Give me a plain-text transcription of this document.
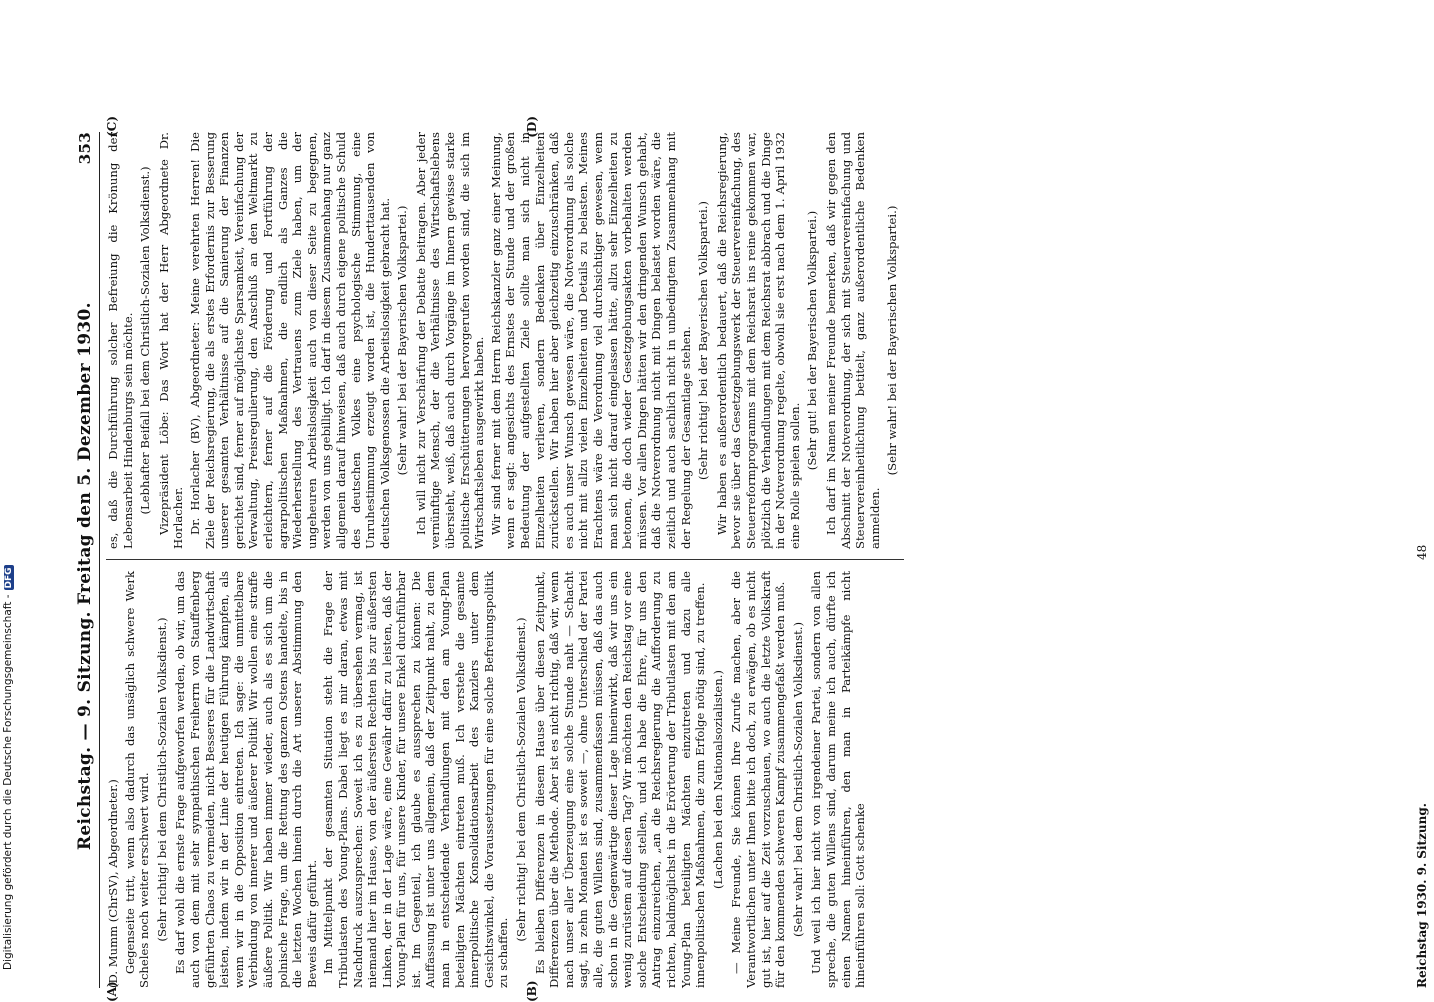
Digitalisierung gefördert durch die Deutsche Forschungsgemeinschaft -DFG	Reichstag. — 9. Sitzung. Freitag den 5. Dezember 1930.
353

(D. Mumm (ChrSV), Abgeordneter.) Gegenseite tritt, wenn also dadurch das unsäglich schwere Werk Scheles noch weiter erschwert wird. (Sehr richtig! bei dem Christlich-Sozialen Volksdienst.) Es darf wohl die ernste Frage aufgeworfen werden, ob wir, um das auch von dem mit sehr sympathischen Freiherrn von Stauffenberg geführten Chaos zu vermeiden, nicht Besseres für die Landwirtschaft leisten, indem wir in der Linie der heutigen Führung kämpfen, als wenn wir in die Opposition eintreten. Ich sage: die unmittelbare Verbindung von innerer und äußerer Politik! Wir wollen eine straffe äußere Politik. Wir haben immer wieder, auch als es sich um die polnische Frage, um die Rettung des ganzen Ostens handelte, bis in die letzten Wochen hinein durch die Art unserer Abstimmung den Beweis dafür geführt. Im Mittelpunkt der gesamten Situation steht die Frage der Tributlasten des Young-Plans. Dabei liegt es mir daran, etwas mit Nachdruck auszusprechen: Soweit ich es zu übersehen vermag, ist niemand hier im Hause, von der äußersten Rechten bis zur äußersten Linken, der in der Lage wäre, eine Gewähr dafür zu leisten, daß der Young-Plan für uns, für unsere Kinder, für unsere Enkel durchführbar ist. Im Gegenteil, ich glaube es aussprechen zu können: Die Auffassung ist unter uns allgemein, daß der Zeitpunkt naht, zu dem man in entscheidende Verhandlungen mit den am Young-Plan beteiligten Mächten eintreten muß. Ich verstehe die gesamte innerpolitische Konsolidationsarbeit des Kanzlers unter dem Gesichtswinkel, die Voraussetzungen für eine solche Befreiungspolitik zu schaffen.

(Sehr richtig! bei dem Christlich-Sozialen Volksdienst.) Es bleiben Differenzen in diesem Hause über diesen Zeitpunkt, Differenzen über die Methode. Aber ist es nicht richtig, daß wir, wenn nach unser aller Überzeugung eine solche Stunde naht — Schacht sagt, in zehn Monaten ist es soweit —, ohne Unterschied der Partei alle, die guten Willens sind, zusammenfassen müssen, daß das auch schon in die Gegenwärtige dieser Lage hineinwirkt, daß wir uns ein wenig zurüstem auf diesen Tag? Wir möchten den Reichstag vor eine solche Entscheidung stellen, und ich habe die Ehre, für uns den Antrag einzureichen, „an die Reichsregierung die Aufforderung zu richten, baldmöglichst in die Erörterung der Tributlasten mit den am Young-Plan beteiligten Mächten einzutreten und dazu alle innenpolitischen Maßnahmen, die zum Erfolge nötig sind, zu treffen. (Lachen bei den Nationalsozialisten.) — Meine Freunde, Sie können Ihre Zurufe machen, aber die Verantwortlichen unter Ihnen bitte ich doch, zu erwägen, ob es nicht gut ist, hier auf die Zeit vorzuschauen, wo auch die letzte Volkskraft für den kommenden schweren Kampf zusammengefaßt werden muß. (Sehr wahr! bei dem Christlich-Sozialen Volksdienst.) Und weil ich hier nicht von irgendeiner Partei, sondern von allen spreche, die guten Willens sind, darum meine ich auch, dürfte ich einen Namen hineinführen, den man in Parteikämpfe nicht hineinführen soll: Gott schenke

es, daß die Durchführung solcher Befreiung die Krönung der Lebensarbeit Hindenburgs sein möchte. (Lebhafter Beifall bei dem Christlich-Sozialen Volksdienst.) Vizepräsident Löbe: Das Wort hat der Herr Abgeordnete Dr. Horlacher. Dr. Horlacher (BV), Abgeordneter: Meine verehrten Herren! Die Ziele der Reichsregierung, die als erstes Erfordernis zur Besserung unserer gesamten Verhältnisse auf die Sanierung der Finanzen gerichtet sind, ferner auf möglichste Sparsamkeit, Vereinfachung der Verwaltung, Preisregulierung, den Anschluß an den Weltmarkt zu erleichtern, ferner auf die Förderung und Fortführung der agrarpolitischen Maßnahmen, die endlich als Ganzes die Wiederherstellung des Vertrauens zum Ziele haben, um der ungeheuren Arbeitslosigkeit auch von dieser Seite zu begegnen, werden von uns gebilligt. Ich darf in diesem Zusammenhang nur ganz allgemein darauf hinweisen, daß auch durch eigene politische Schuld des deutschen Volkes eine psychologische Stimmung, eine Unruhestimmung erzeugt worden ist, die Hunderttausenden von deutschen Volksgenossen die Arbeitslosigkeit gebracht hat. (Sehr wahr! bei der Bayerischen Volkspartei.) Ich will nicht zur Verschärfung der Debatte beitragen. Aber jeder vernünftige Mensch, der die Verhältnisse des Wirtschaftslebens übersieht, weiß, daß auch durch Vorgänge im Innern gewisse starke politische Erschütterungen hervorgerufen worden sind, die sich im Wirtschaftsleben ausgewirkt haben. Wir sind ferner mit dem Herrn Reichskanzler ganz einer Meinung, wenn er sagt: angesichts des Ernstes der Stunde und der großen Bedeutung der aufgestellten Ziele sollte man sich nicht in Einzelheiten verlieren, sondern Bedenken über Einzelheiten zurückstellen. Wir haben hier aber gleichzeitig einzuschränken, daß es auch unser Wunsch gewesen wäre, die Notverordnung als solche nicht mit allzu vielen Einzelheiten und Details zu belasten. Meines Erachtens wäre die Verordnung viel durchsichtiger gewesen, wenn man sich nicht darauf eingelassen hätte, allzu sehr Einzelheiten zu betonen, die doch wieder Gesetzgebungsakten vorbehalten werden müssen. Vor allen Dingen hätten wir den dringenden Wunsch gehabt, daß die Notverordnung nicht mit Dingen belastet worden wäre, die zeitlich und auch sachlich nicht in unbedingtem Zusammenhang mit der Regelung der Gesamtlage stehen. (Sehr richtig! bei der Bayerischen Volkspartei.) Wir haben es außerordentlich bedauert, daß die Reichsregierung, bevor sie über das Gesetzgebungswerk der Steuervereinfachung, des Steuerreformprogramms mit dem Reichsrat ins reine gekommen war, plötzlich die Verhandlungen mit dem Reichsrat abbrach und die Dinge in der Notverordnung regelte, obwohl sie erst nach dem 1. April 1932 eine Rolle spielen sollen.

(Sehr gut! bei der Bayerischen Volkspartei.) Ich darf im Namen meiner Freunde bemerken, daß wir gegen den Abschnitt der Notverordnung, der sich mit Steuervereinfachung und Steuervereinheitlichung betitelt, ganz außerordentliche Bedenken anmelden.

(Sehr wahr! bei der Bayerischen Volkspartei.)

(A)	(B)
(C)	(D)
Reichstag 1930. 9. Sitzung.
48
